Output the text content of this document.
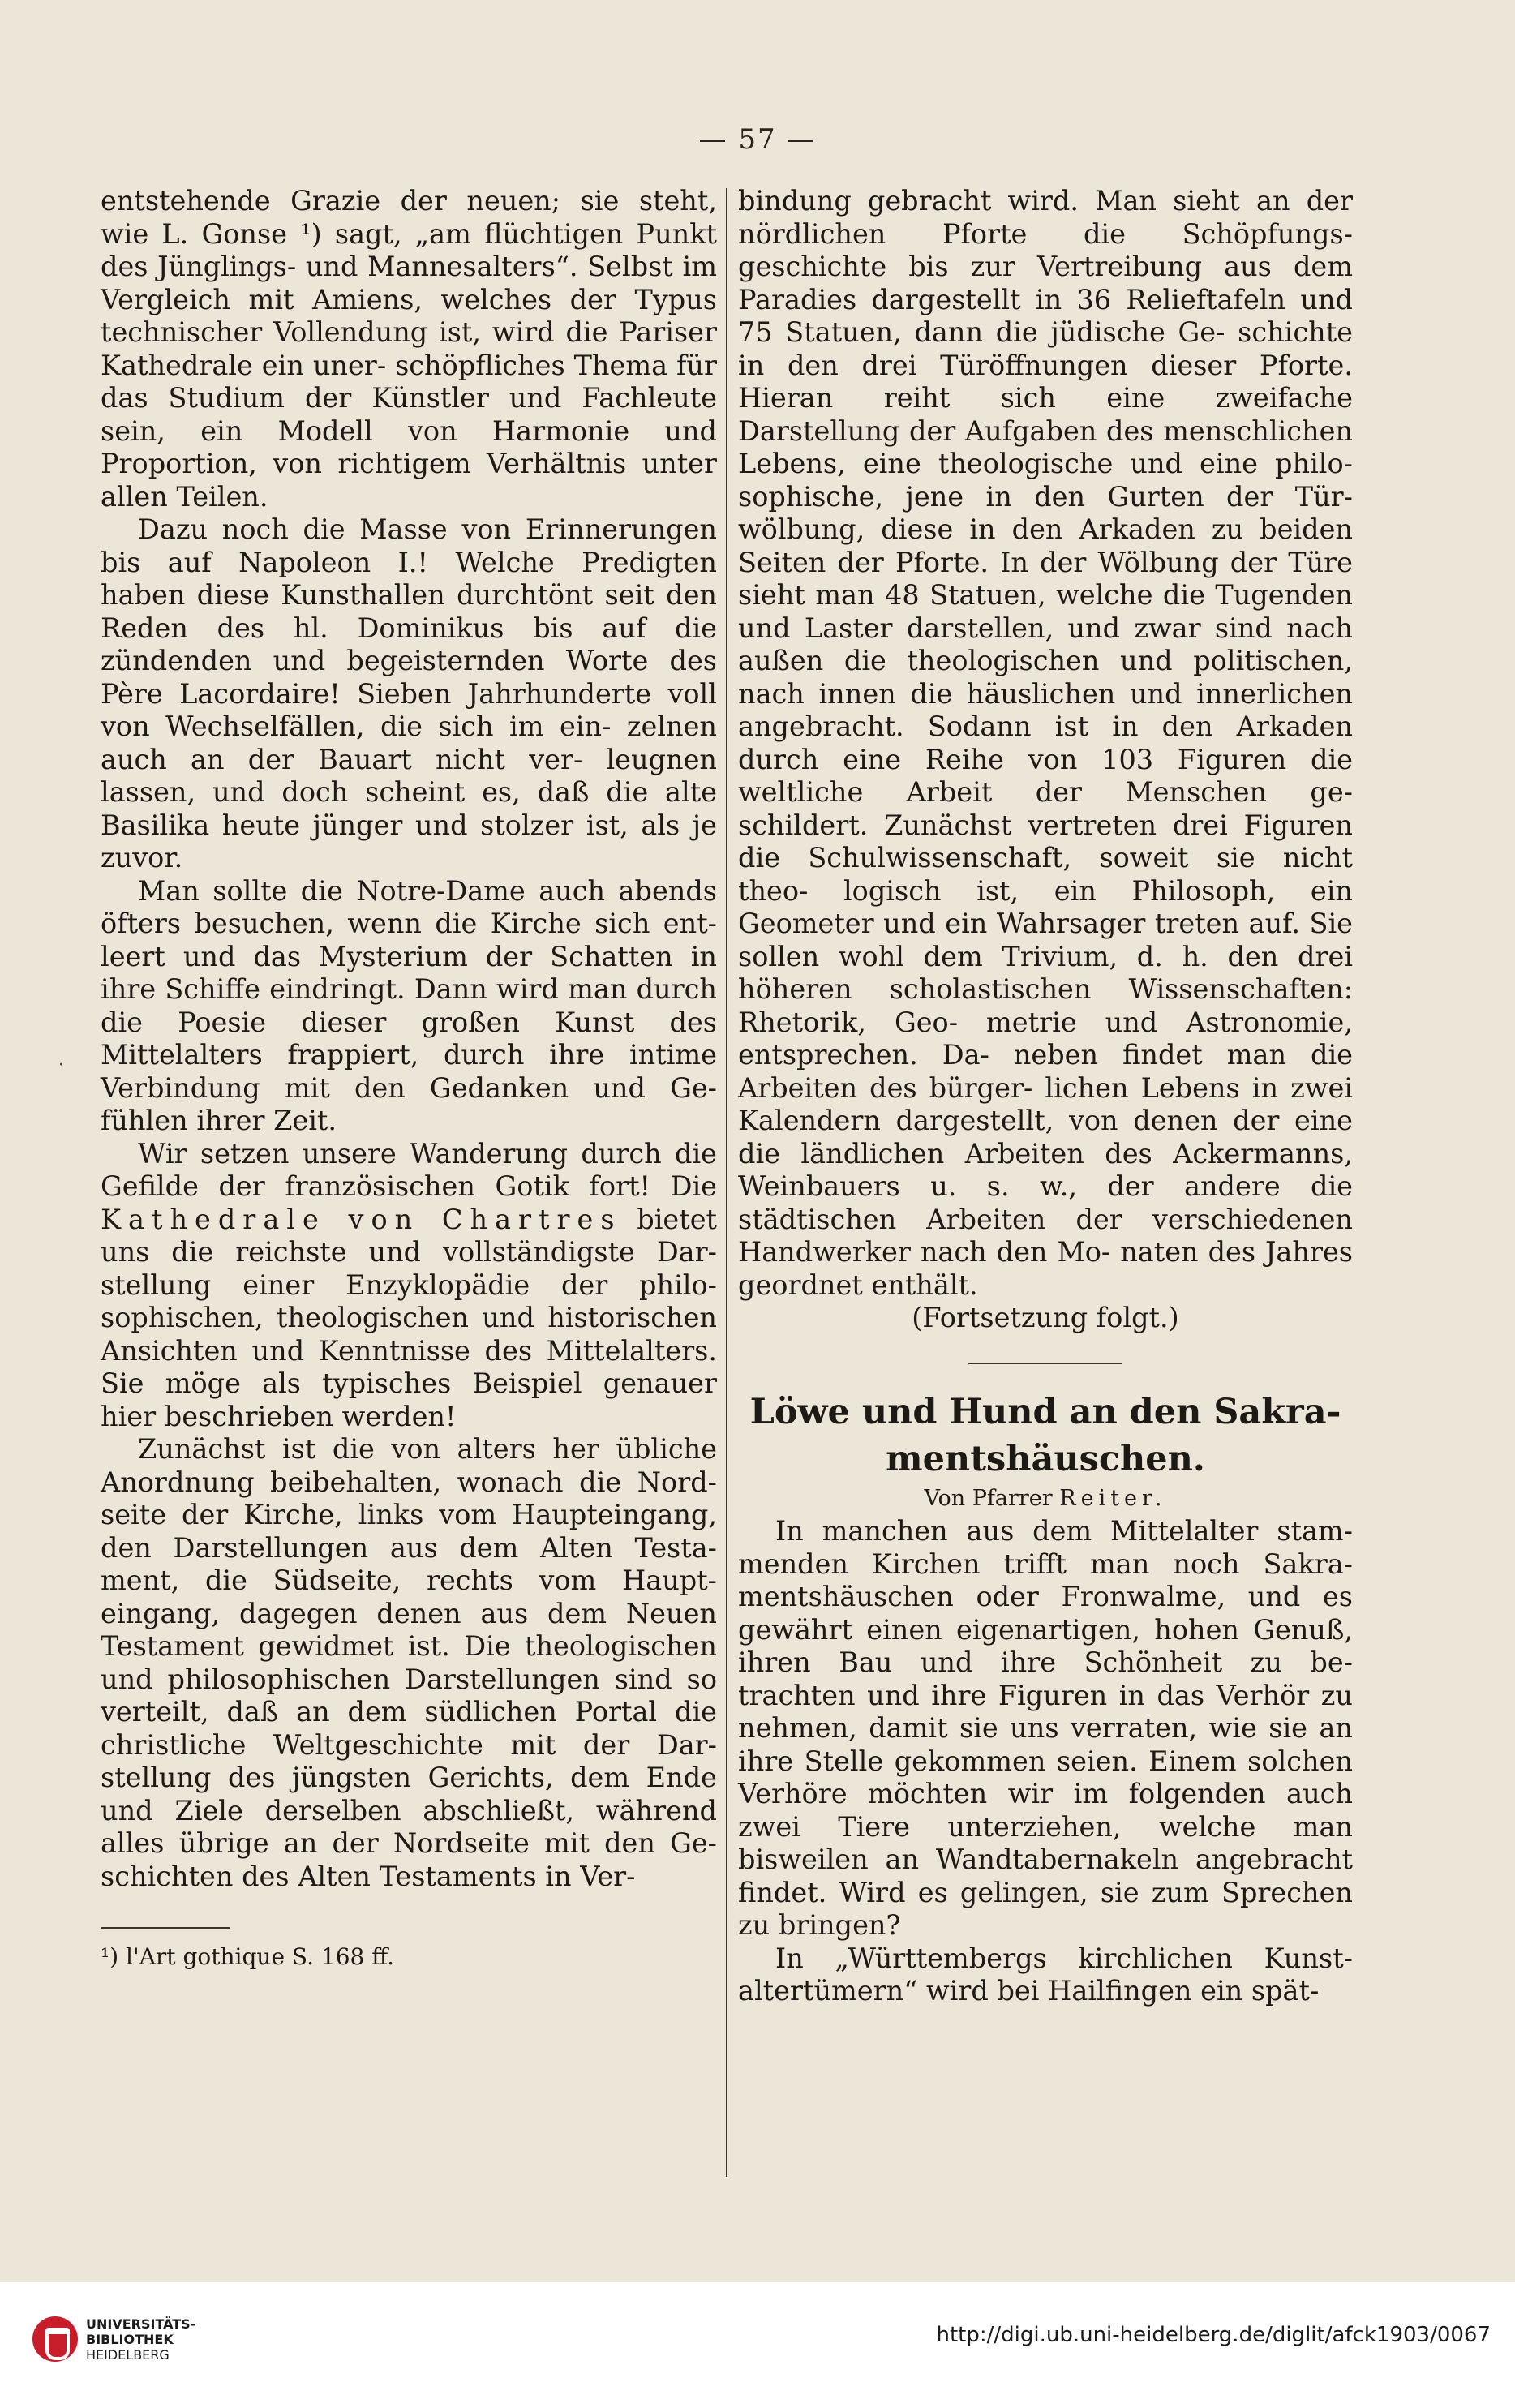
— 57 —

entstehende Grazie der neuen; sie steht, wie L. Gonse ¹) sagt, „am flüchtigen Punkt des Jünglings- und Mannesalters“. Selbst im Vergleich mit Amiens, welches der Typus technischer Vollendung ist, wird die Pariser Kathedrale ein uner- schöpfliches Thema für das Studium der Künstler und Fachleute sein, ein Modell von Harmonie und Proportion, von richtigem Verhältnis unter allen Teilen.

Dazu noch die Masse von Erinnerungen bis auf Napoleon I.! Welche Predigten haben diese Kunsthallen durchtönt seit den Reden des hl. Dominikus bis auf die zündenden und begeisternden Worte des Père Lacordaire! Sieben Jahrhunderte voll von Wechselfällen, die sich im ein- zelnen auch an der Bauart nicht ver- leugnen lassen, und doch scheint es, daß die alte Basilika heute jünger und stolzer ist, als je zuvor.

Man sollte die Notre-Dame auch abends öfters besuchen, wenn die Kirche sich ent- leert und das Mysterium der Schatten in ihre Schiffe eindringt. Dann wird man durch die Poesie dieser großen Kunst des Mittelalters frappiert, durch ihre intime Verbindung mit den Gedanken und Ge- fühlen ihrer Zeit.

Wir setzen unsere Wanderung durch die Gefilde der französischen Gotik fort! Die Kathedrale von Chartres bietet uns die reichste und vollständigste Dar- stellung einer Enzyklopädie der philo- sophischen, theologischen und historischen Ansichten und Kenntnisse des Mittelalters. Sie möge als typisches Beispiel genauer hier beschrieben werden!

Zunächst ist die von alters her übliche Anordnung beibehalten, wonach die Nord- seite der Kirche, links vom Haupteingang, den Darstellungen aus dem Alten Testa- ment, die Südseite, rechts vom Haupt- eingang, dagegen denen aus dem Neuen Testament gewidmet ist. Die theologischen und philosophischen Darstellungen sind so verteilt, daß an dem südlichen Portal die christliche Weltgeschichte mit der Dar- stellung des jüngsten Gerichts, dem Ende und Ziele derselben abschließt, während alles übrige an der Nordseite mit den Ge- schichten des Alten Testaments in Ver-

¹) l'Art gothique S. 168 ff.

bindung gebracht wird. Man sieht an der nördlichen Pforte die Schöpfungs- geschichte bis zur Vertreibung aus dem Paradies dargestellt in 36 Relieftafeln und 75 Statuen, dann die jüdische Ge- schichte in den drei Türöffnungen dieser Pforte. Hieran reiht sich eine zweifache Darstellung der Aufgaben des menschlichen Lebens, eine theologische und eine philo- sophische, jene in den Gurten der Tür- wölbung, diese in den Arkaden zu beiden Seiten der Pforte. In der Wölbung der Türe sieht man 48 Statuen, welche die Tugenden und Laster darstellen, und zwar sind nach außen die theologischen und politischen, nach innen die häuslichen und innerlichen angebracht. Sodann ist in den Arkaden durch eine Reihe von 103 Figuren die weltliche Arbeit der Menschen ge- schildert. Zunächst vertreten drei Figuren die Schulwissenschaft, soweit sie nicht theo- logisch ist, ein Philosoph, ein Geometer und ein Wahrsager treten auf. Sie sollen wohl dem Trivium, d. h. den drei höheren scholastischen Wissenschaften: Rhetorik, Geo- metrie und Astronomie, entsprechen. Da- neben findet man die Arbeiten des bürger- lichen Lebens in zwei Kalendern dargestellt, von denen der eine die ländlichen Arbeiten des Ackermanns, Weinbauers u. s. w., der andere die städtischen Arbeiten der verschiedenen Handwerker nach den Mo- naten des Jahres geordnet enthält.

(Fortsetzung folgt.)

Löwe und Hund an den Sakra- mentshäuschen.

Von Pfarrer Reiter.

In manchen aus dem Mittelalter stam- menden Kirchen trifft man noch Sakra- mentshäuschen oder Fronwalme, und es gewährt einen eigenartigen, hohen Genuß, ihren Bau und ihre Schönheit zu be- trachten und ihre Figuren in das Verhör zu nehmen, damit sie uns verraten, wie sie an ihre Stelle gekommen seien. Einem solchen Verhöre möchten wir im folgenden auch zwei Tiere unterziehen, welche man bisweilen an Wandtabernakeln angebracht findet. Wird es gelingen, sie zum Sprechen zu bringen?

In „Württembergs kirchlichen Kunst- altertümern“ wird bei Hailfingen ein spät-

·
UNIVERSITÄTS-
BIBLIOTHEK
HEIDELBERG
http://digi.ub.uni-heidelberg.de/diglit/afck1903/0067
